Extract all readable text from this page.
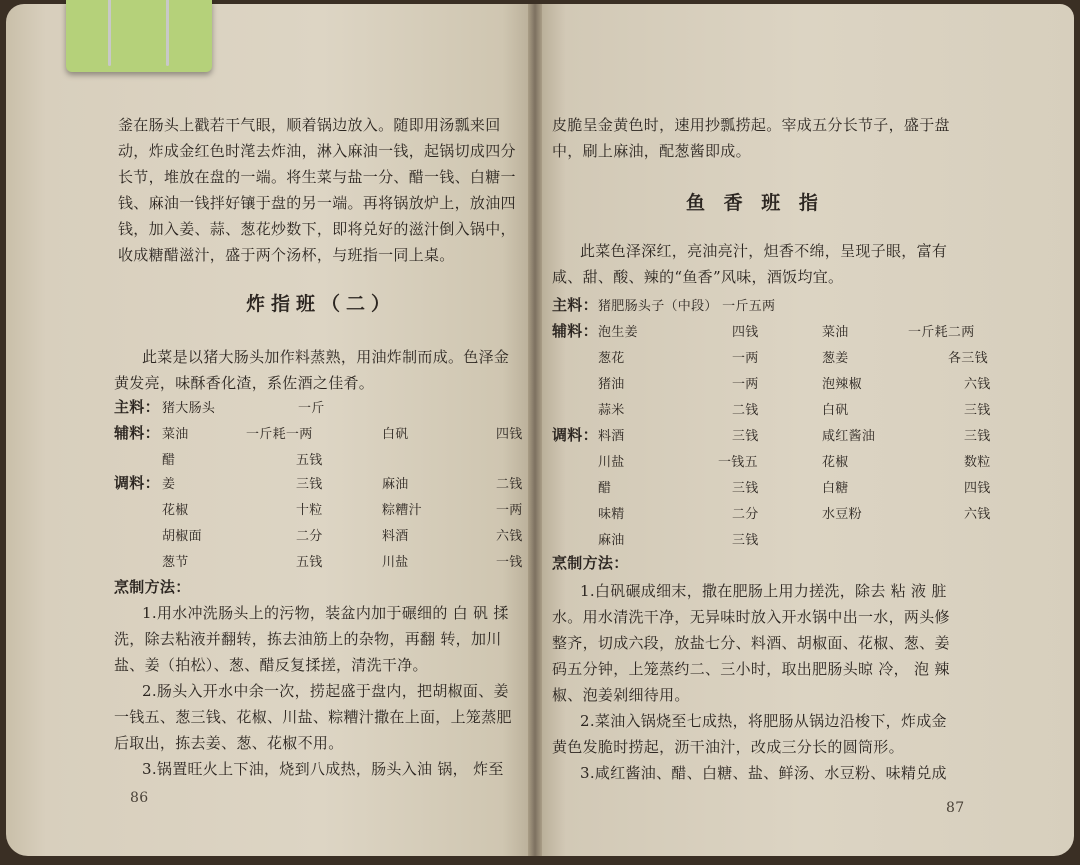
釜在肠头上戳若干气眼，顺着锅边放入。随即用汤瓢来回
动，炸成金红色时滗去炸油，淋入麻油一钱，起锅切成四分
长节，堆放在盘的一端。将生菜与盐一分、醋一钱、白糖一
钱、麻油一钱拌好镶于盘的另一端。再将锅放炉上，放油四
钱，加入姜、蒜、葱花炒数下，即将兑好的滋汁倒入锅中，
收成糖醋滋汁，盛于两个汤杯，与班指一同上桌。
炸指班（二）
此菜是以猪大肠头加作料蒸熟，用油炸制而成。色泽金
黄发亮，味酥香化渣，系佐酒之佳肴。
主料： 猪大肠头	一斤
辅料： 菜油	一斤耗一两	白矾	四钱
醋	五钱
调料： 姜	三钱	麻油	二钱
花椒	十粒	粽糟汁	一两
胡椒面	二分	料酒	六钱
葱节	五钱	川盐	一钱
烹制方法：
1.用水冲洗肠头上的污物，装盆内加于碾细的 白 矾 揉
洗，除去粘液并翻转，拣去油筋上的杂物，再翻 转，加川
盐、姜（拍松）、葱、醋反复揉搓，清洗干净。
2.肠头入开水中余一次，捞起盛于盘内，把胡椒面、姜
一钱五、葱三钱、花椒、川盐、粽糟汁撒在上面，上笼蒸肥
后取出，拣去姜、葱、花椒不用。
3.锅置旺火上下油，烧到八成热，肠头入油 锅， 炸至
86
皮脆呈金黄色时，速用抄瓢捞起。宰成五分长节子，盛于盘
中，刷上麻油，配葱酱即成。
鱼 香 班 指
此菜色泽深红，亮油亮汁，炟香不绵，呈现子眼，富有
咸、甜、酸、辣的“鱼香”风味，酒饭均宜。
主料： 猪肥肠头子（中段） 一斤五两
辅料： 泡生姜	四钱	菜油	一斤耗二两
葱花	一两	葱姜	各三钱
猪油	一两	泡辣椒	六钱
蒜米	二钱	白矾	三钱
调料： 料酒	三钱	咸红酱油	三钱
川盐	一钱五	花椒	数粒
醋	三钱	白糖	四钱
味精	二分	水豆粉	六钱
麻油	三钱
烹制方法：
1.白矾碾成细末，撒在肥肠上用力搓洗，除去 粘 液 脏
水。用水清洗干净，无异味时放入开水锅中出一水，两头修
整齐，切成六段，放盐七分、料酒、胡椒面、花椒、葱、姜
码五分钟，上笼蒸约二、三小时，取出肥肠头晾 冷， 泡 辣
椒、泡姜剁细待用。
2.菜油入锅烧至七成热，将肥肠从锅边沿梭下，炸成金
黄色发脆时捞起，沥干油汁，改成三分长的圆筒形。
3.咸红酱油、醋、白糖、盐、鲜汤、水豆粉、味精兑成
87
